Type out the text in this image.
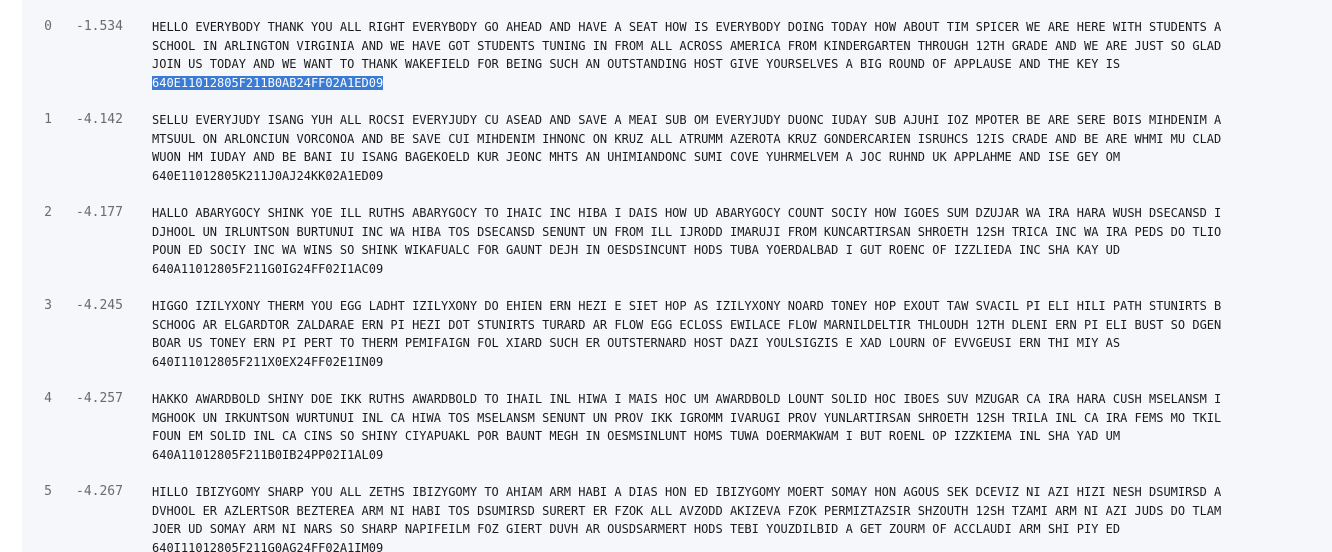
0 -1.534	HELLO EVERYBODY THANK YOU ALL RIGHT EVERYBODY GO AHEAD AND HAVE A SEAT HOW IS EVERYBODY DOING TODAY HOW ABOUT TIM SPICER WE ARE HERE WITH STUDENTS A
SCHOOL IN ARLINGTON VIRGINIA AND WE HAVE GOT STUDENTS TUNING IN FROM ALL ACROSS AMERICA FROM KINDERGARTEN THROUGH 12TH GRADE AND WE ARE JUST SO GLAD
JOIN US TODAY AND WE WANT TO THANK WAKEFIELD FOR BEING SUCH AN OUTSTANDING HOST GIVE YOURSELVES A BIG ROUND OF APPLAUSE AND THE KEY IS
640E11012805F211B0AB24FF02A1ED09
1 -4.142	SELLU EVERYJUDY ISANG YUH ALL ROCSI EVERYJUDY CU ASEAD AND SAVE A MEAI SUB OM EVERYJUDY DUONC IUDAY SUB AJUHI IOZ MPOTER BE ARE SERE BOIS MIHDENIM A
MTSUUL ON ARLONCIUN VORCONOA AND BE SAVE CUI MIHDENIM IHNONC ON KRUZ ALL ATRUMM AZEROTA KRUZ GONDERCARIEN ISRUHCS 12IS CRADE AND BE ARE WHMI MU CLAD
WUON HM IUDAY AND BE BANI IU ISANG BAGEKOELD KUR JEONC MHTS AN UHIMIANDONC SUMI COVE YUHRMELVEM A JOC RUHND UK APPLAHME AND ISE GEY OM
640E11012805K211J0AJ24KK02A1ED09
2 -4.177	HALLO ABARYGOCY SHINK YOE ILL RUTHS ABARYGOCY TO IHAIC INC HIBA I DAIS HOW UD ABARYGOCY COUNT SOCIY HOW IGOES SUM DZUJAR WA IRA HARA WUSH DSECANSD I
DJHOOL UN IRLUNTSON BURTUNUI INC WA HIBA TOS DSECANSD SENUNT UN FROM ILL IJRODD IMARUJI FROM KUNCARTIRSAN SHROETH 12SH TRICA INC WA IRA PEDS DO TLIO
POUN ED SOCIY INC WA WINS SO SHINK WIKAFUALC FOR GAUNT DEJH IN OESDSINCUNT HODS TUBA YOERDALBAD I GUT ROENC OF IZZLIEDA INC SHA KAY UD
640A11012805F211G0IG24FF02I1AC09
3 -4.245	HIGGO IZILYXONY THERM YOU EGG LADHT IZILYXONY DO EHIEN ERN HEZI E SIET HOP AS IZILYXONY NOARD TONEY HOP EXOUT TAW SVACIL PI ELI HILI PATH STUNIRTS B
SCHOOG AR ELGARDTOR ZALDARAE ERN PI HEZI DOT STUNIRTS TURARD AR FLOW EGG ECLOSS EWILACE FLOW MARNILDELTIR THLOUDH 12TH DLENI ERN PI ELI BUST SO DGEN
BOAR US TONEY ERN PI PERT TO THERM PEMIFAIGN FOL XIARD SUCH ER OUTSTERNARD HOST DAZI YOULSIGZIS E XAD LOURN OF EVVGEUSI ERN THI MIY AS
640I11012805F211X0EX24FF02E1IN09
4 -4.257	HAKKO AWARDBOLD SHINY DOE IKK RUTHS AWARDBOLD TO IHAIL INL HIWA I MAIS HOC UM AWARDBOLD LOUNT SOLID HOC IBOES SUV MZUGAR CA IRA HARA CUSH MSELANSM I
MGHOOK UN IRKUNTSON WURTUNUI INL CA HIWA TOS MSELANSM SENUNT UN PROV IKK IGROMM IVARUGI PROV YUNLARTIRSAN SHROETH 12SH TRILA INL CA IRA FEMS MO TKIL
FOUN EM SOLID INL CA CINS SO SHINY CIYAPUAKL POR BAUNT MEGH IN OESMSINLUNT HOMS TUWA DOERMAKWAM I BUT ROENL OP IZZKIEMA INL SHA YAD UM
640A11012805F211B0IB24PP02I1AL09
5 -4.267	HILLO IBIZYGOMY SHARP YOU ALL ZETHS IBIZYGOMY TO AHIAM ARM HABI A DIAS HON ED IBIZYGOMY MOERT SOMAY HON AGOUS SEK DCEVIZ NI AZI HIZI NESH DSUMIRSD A
DVHOOL ER AZLERTSOR BEZTEREA ARM NI HABI TOS DSUMIRSD SURERT ER FZOK ALL AVZODD AKIZEVA FZOK PERMIZTAZSIR SHZOUTH 12SH TZAMI ARM NI AZI JUDS DO TLAM
JOER UD SOMAY ARM NI NARS SO SHARP NAPIFEILM FOZ GIERT DUVH AR OUSDSARMERT HODS TEBI YOUZDILBID A GET ZOURM OF ACCLAUDI ARM SHI PIY ED
640I11012805F211G0AG24FF02A1IM09
